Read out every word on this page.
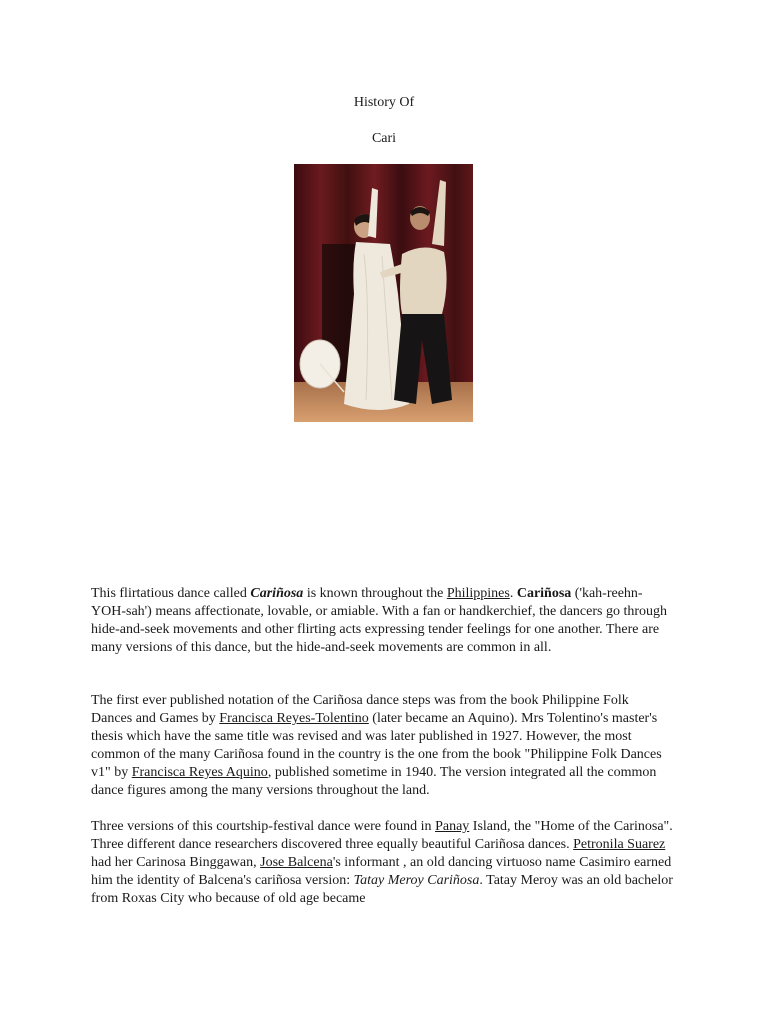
History Of
Cari

This flirtatious dance called Cariñosa is known throughout the Philippines. Cariñosa ('kah-reehn-YOH-sah') means affectionate, lovable, or amiable. With a fan or handkerchief, the dancers go through hide-and-seek movements and other flirting acts expressing tender feelings for one another. There are many versions of this dance, but the hide-and-seek movements are common in all.

The first ever published notation of the Cariñosa dance steps was from the book Philippine Folk Dances and Games by Francisca Reyes-Tolentino (later became an Aquino). Mrs Tolentino's master's thesis which have the same title was revised and was later published in 1927. However, the most common of the many Cariñosa found in the country is the one from the book "Philippine Folk Dances v1" by Francisca Reyes Aquino, published sometime in 1940. The version integrated all the common dance figures among the many versions throughout the land.

Three versions of this courtship-festival dance were found in Panay Island, the "Home of the Carinosa". Three different dance researchers discovered three equally beautiful Cariñosa dances. Petronila Suarez had her Carinosa Binggawan, Jose Balcena's informant , an old dancing virtuoso name Casimiro earned him the identity of Balcena's cariñosa version: Tatay Meroy Cariñosa. Tatay Meroy was an old bachelor from Roxas City who because of old age became
